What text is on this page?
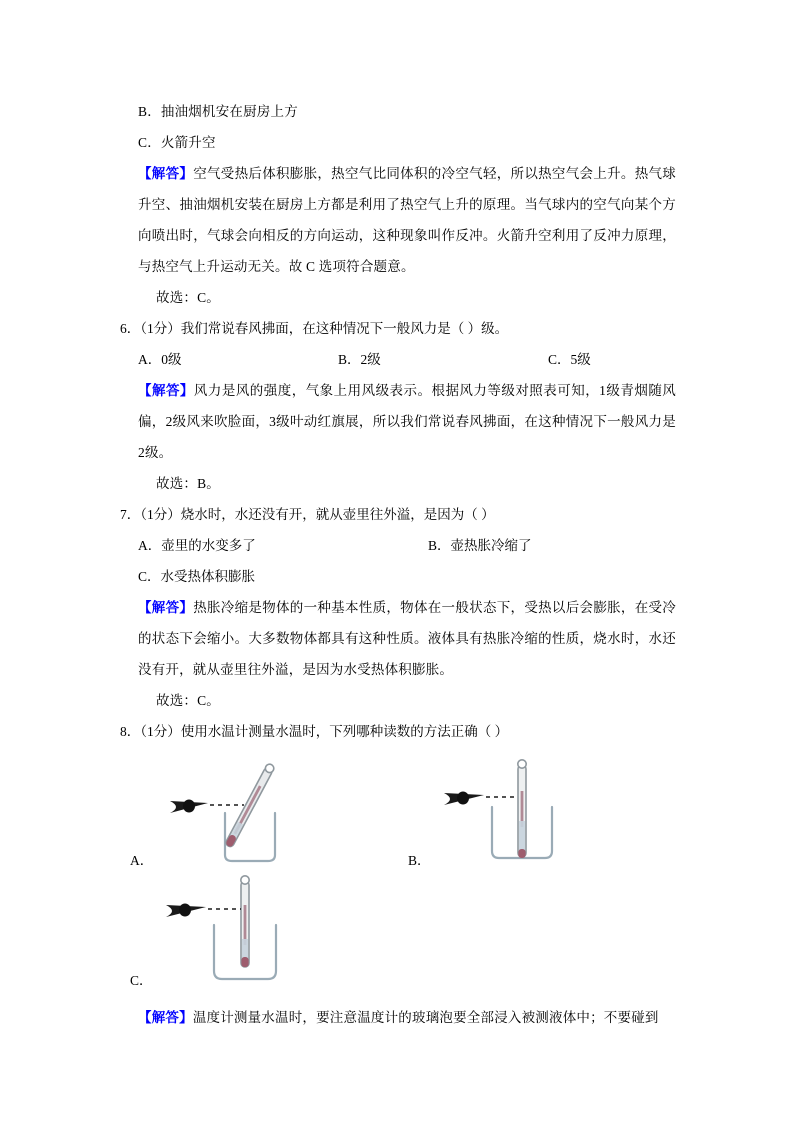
B．抽油烟机安在厨房上方
C．火箭升空
【解答】空气受热后体积膨胀，热空气比同体积的冷空气轻，所以热空气会上升。热气球升空、抽油烟机安装在厨房上方都是利用了热空气上升的原理。当气球内的空气向某个方向喷出时，气球会向相反的方向运动，这种现象叫作反冲。火箭升空利用了反冲力原理，与热空气上升运动无关。故 C 选项符合题意。
故选：C。
6．（1分）我们常说春风拂面，在这种情况下一般风力是（ ）级。
A．0级	B．2级	C．5级
【解答】风力是风的强度，气象上用风级表示。根据风力等级对照表可知，1级青烟随风偏，2级风来吹脸面，3级叶动红旗展，所以我们常说春风拂面，在这种情况下一般风力是 2级。
故选：B。
7．（1分）烧水时，水还没有开，就从壶里往外溢，是因为（ ）
A．壶里的水变多了	B．壶热胀冷缩了
C．水受热体积膨胀
【解答】热胀冷缩是物体的一种基本性质，物体在一般状态下，受热以后会膨胀，在受冷的状态下会缩小。大多数物体都具有这种性质。液体具有热胀冷缩的性质，烧水时，水还没有开，就从壶里往外溢，是因为水受热体积膨胀。
故选：C。
8．（1分）使用水温计测量水温时，下列哪种读数的方法正确（ ）
A．	B．
C．
【解答】温度计测量水温时，要注意温度计的玻璃泡要全部浸入被测液体中；不要碰到
